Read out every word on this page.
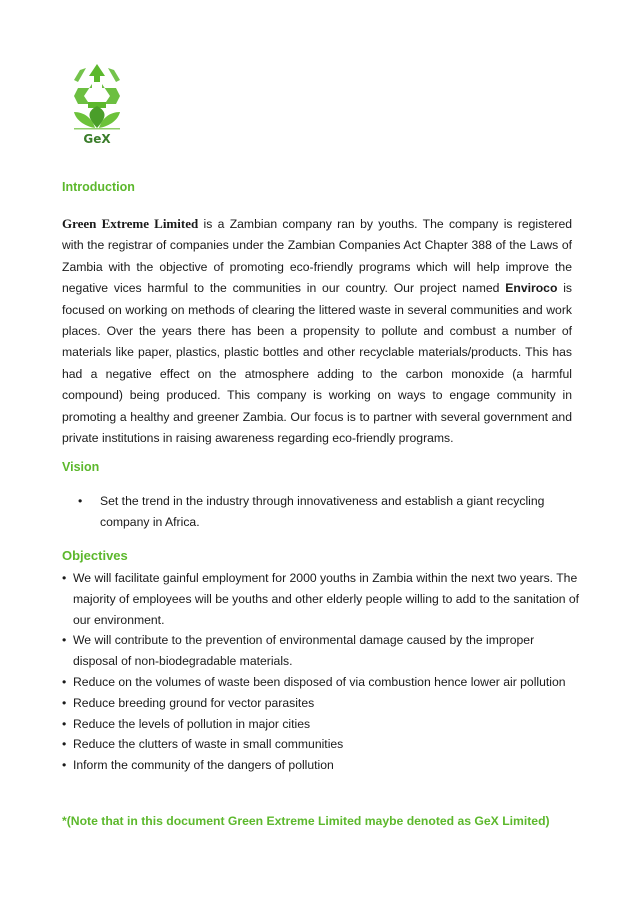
GeX
Introduction
Green Extreme Limited is a Zambian company ran by youths. The company is registered with the registrar of companies under the Zambian Companies Act Chapter 388 of the Laws of Zambia with the objective of promoting eco-friendly programs which will help improve the negative vices harmful to the communities in our country. Our project named Enviroco is focused on working on methods of clearing the littered waste in several communities and work places. Over the years there has been a propensity to pollute and combust a number of materials like paper, plastics, plastic bottles and other recyclable materials/products. This has had a negative effect on the atmosphere adding to the carbon monoxide (a harmful compound) being produced. This company is working on ways to engage community in promoting a healthy and greener Zambia. Our focus is to partner with several government and private institutions in raising awareness regarding eco-friendly programs.
Vision
• Set the trend in the industry through innovativeness and establish a giant recycling company in Africa.
Objectives
• We will facilitate gainful employment for 2000 youths in Zambia within the next two years. The majority of employees will be youths and other elderly people willing to add to the sanitation of our environment.
• We will contribute to the prevention of environmental damage caused by the improper disposal of non-biodegradable materials.
• Reduce on the volumes of waste been disposed of via combustion hence lower air pollution
• Reduce breeding ground for vector parasites
• Reduce the levels of pollution in major cities
• Reduce the clutters of waste in small communities
• Inform the community of the dangers of pollution
*(Note that in this document Green Extreme Limited maybe denoted as GeX Limited)
